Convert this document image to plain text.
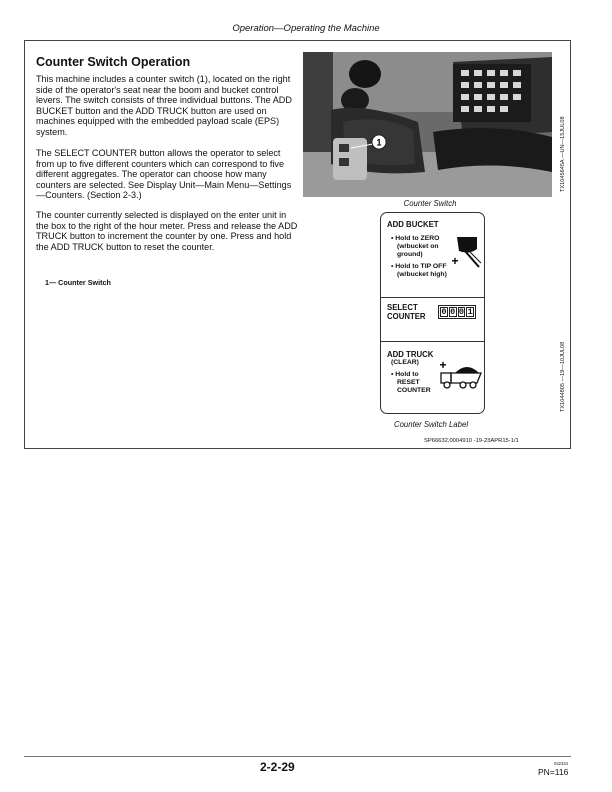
Operation—Operating the Machine
Counter Switch Operation
This machine includes a counter switch (1), located on the right side of the operator's seat near the boom and bucket control levers. The switch consists of three individual buttons. The ADD BUCKET button and the ADD TRUCK button are used on machines equipped with the embedded payload scale (EPS) system.
The SELECT COUNTER button allows the operator to select from up to five different counters which can correspond to five different aggregates. The operator can choose how many counters are selected. See Display Unit—Main Menu—Settings—Counters. (Section 2-3.)
The counter currently selected is displayed on the enter unit in the box to the right of the hour meter. Press and release the ADD TRUCK button to increment the counter by one. Press and hold the ADD TRUCK button to reset the counter.
1— Counter Switch
1
Counter Switch
TX1045645A —UN—15JUL08
ADD BUCKET
• Hold to ZERO
(w/bucket on
ground)
• Hold to TIP OFF
(w/bucket high)
+
SELECT
COUNTER 0 0 0 1
ADD TRUCK
(CLEAR)
• Hold to
RESET
COUNTER
+
Counter Switch Label
TX1044805 —19—10JUL08
SP66632,0004910 -19-23APR15-1/1
2-2-29	042324
PN=116
